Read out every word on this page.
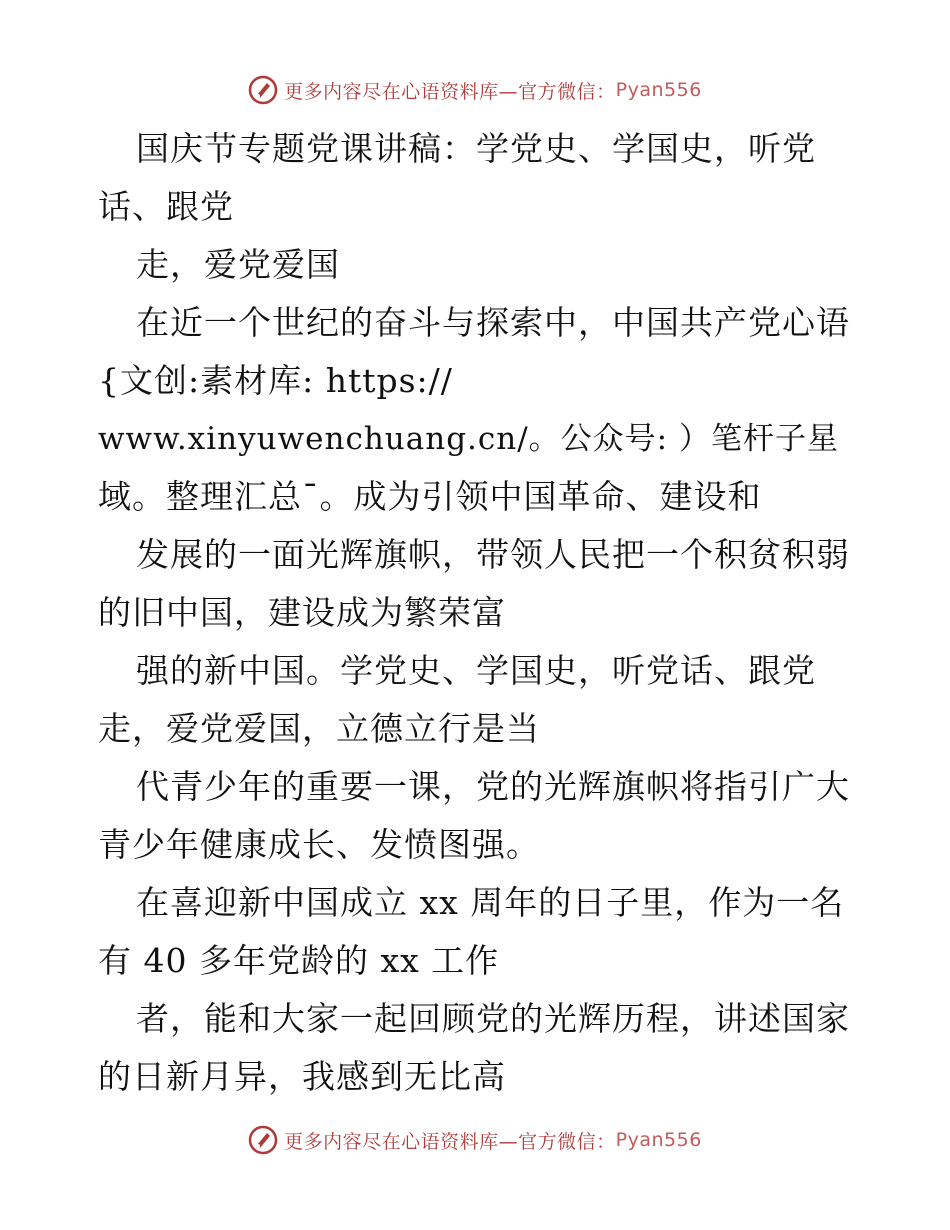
更多内容尽在心语资料库—官方微信： Pyan556
国庆节专题党课讲稿：学党史、学国史，听党
话、跟党
走，爱党爱国
在近一个世纪的奋斗与探索中，中国共产党心语
{文创:素材库: https://
www.xinyuwenchuang.cn/。公众号: ）笔杆子星
域。整理汇总¯。成为引领中国革命、建设和
发展的一面光辉旗帜，带领人民把一个积贫积弱
的旧中国，建设成为繁荣富
强的新中国。学党史、学国史，听党话、跟党
走，爱党爱国，立德立行是当
代青少年的重要一课，党的光辉旗帜将指引广大
青少年健康成长、发愤图强。
在喜迎新中国成立 xx 周年的日子里，作为一名
有 40 多年党龄的 xx 工作
者，能和大家一起回顾党的光辉历程，讲述国家
的日新月异，我感到无比高
更多内容尽在心语资料库—官方微信： Pyan556
